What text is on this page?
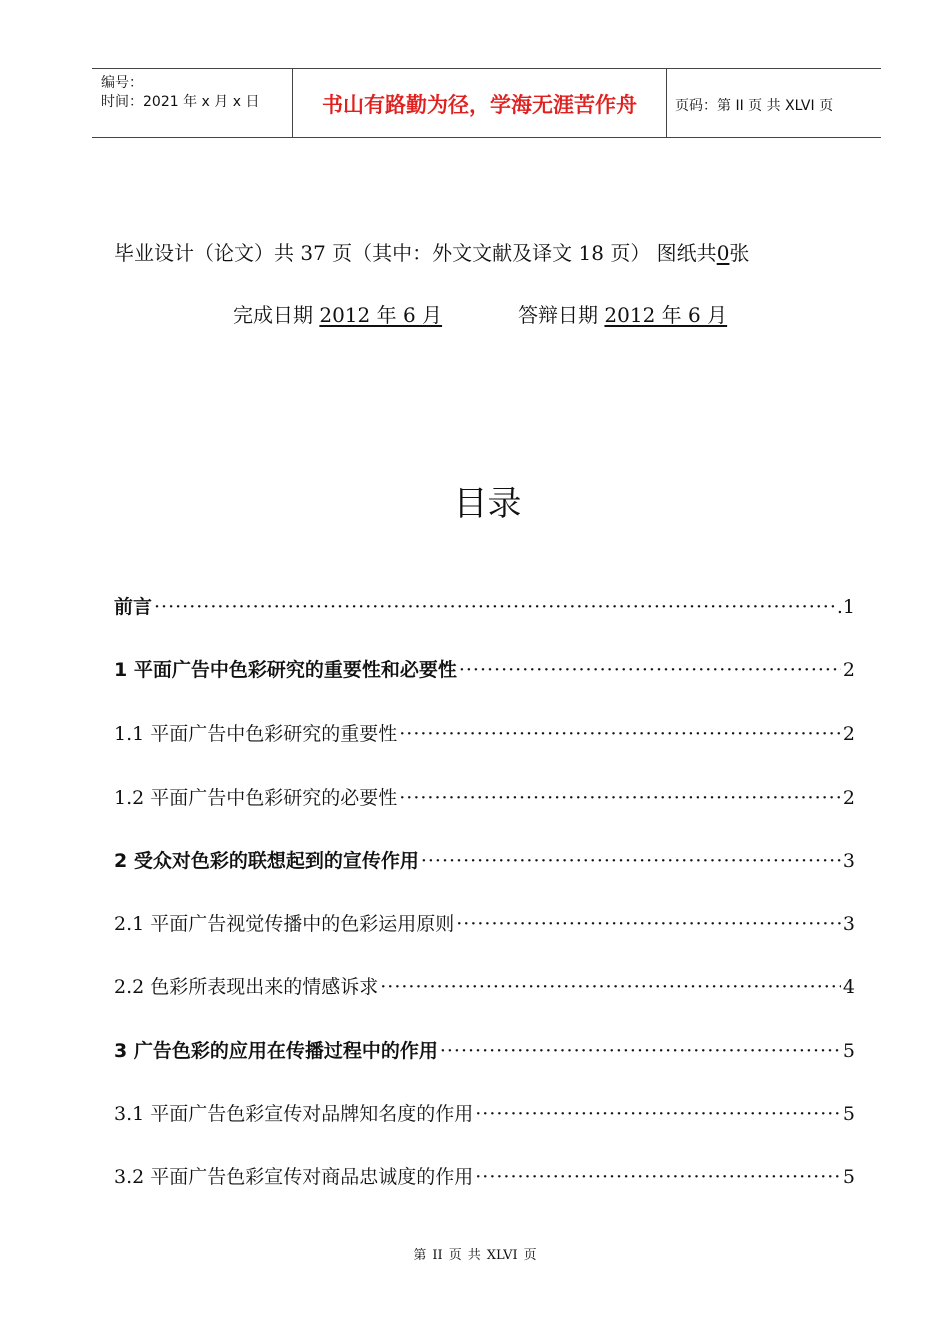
编号：
时间：2021 年 x 月 x 日	书山有路勤为径，学海无涯苦作舟	页码：第 II 页 共 XLVI 页
毕业设计（论文）共 37 页（其中：外文文献及译文 18 页） 图纸共0张
完成日期 2012 年 6 月	答辩日期 2012 年 6 月
目录
前言 ·····	.1
1 平面广告中色彩研究的重要性和必要性 ·····	2
1.1 平面广告中色彩研究的重要性 ·····	2
1.2 平面广告中色彩研究的必要性 ·····	2
2 受众对色彩的联想起到的宣传作用 ·····	3
2.1 平面广告视觉传播中的色彩运用原则 ·····	3
2.2 色彩所表现出来的情感诉求 ·····	4
3 广告色彩的应用在传播过程中的作用 ·····	5
3.1 平面广告色彩宣传对品牌知名度的作用 ·····	5
3.2 平面广告色彩宣传对商品忠诚度的作用 ·····	5
第 II 页 共 XLVI 页
